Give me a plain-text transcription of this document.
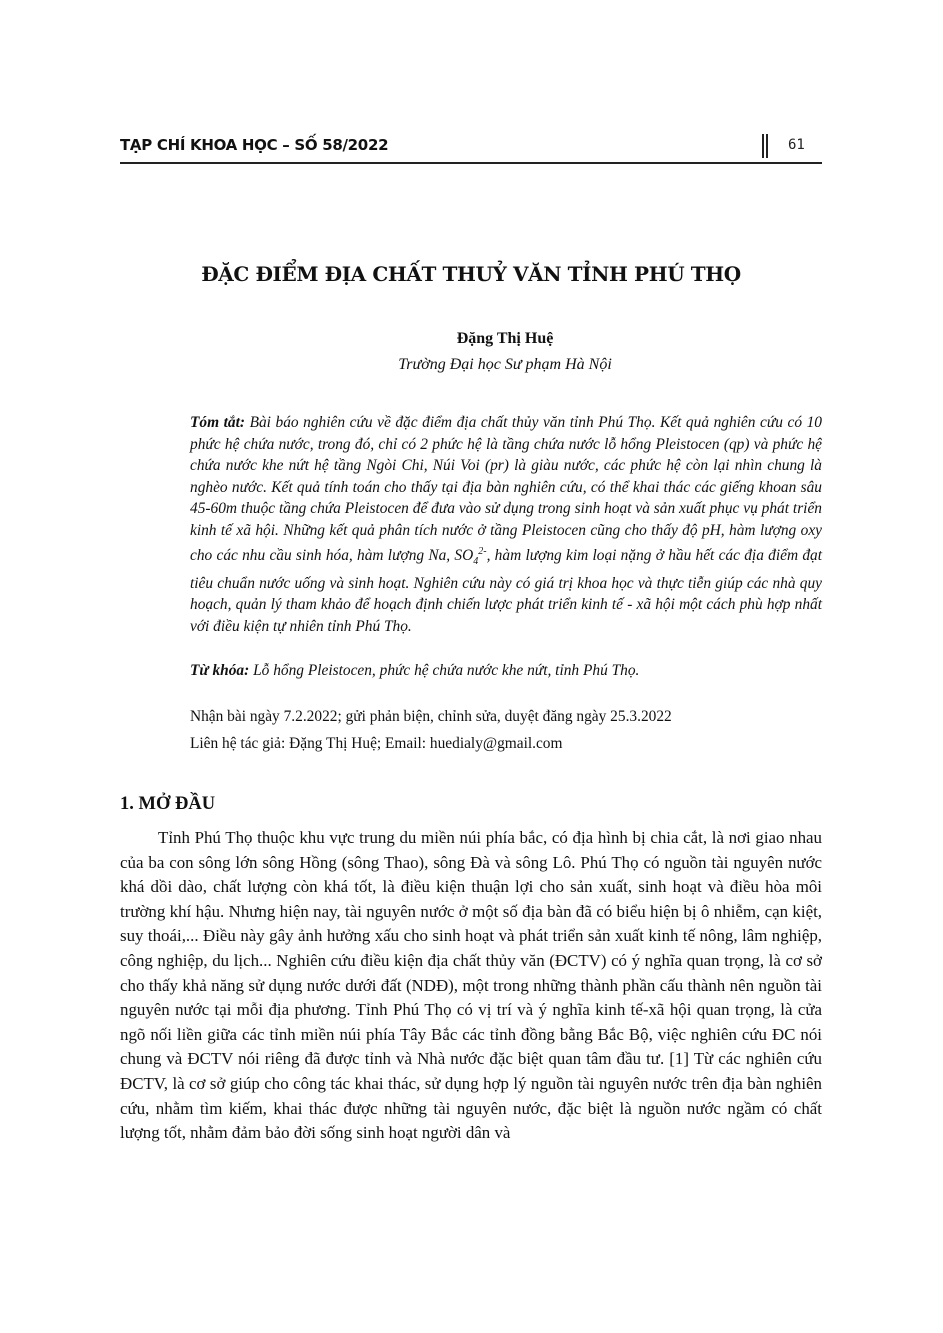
TẠP CHÍ KHOA HỌC – SỐ 58/2022	61
ĐẶC ĐIỂM ĐỊA CHẤT THUỶ VĂN TỈNH PHÚ THỌ
Đặng Thị Huệ
Trường Đại học Sư phạm Hà Nội
Tóm tắt: Bài báo nghiên cứu về đặc điểm địa chất thủy văn tỉnh Phú Thọ. Kết quả nghiên cứu có 10 phức hệ chứa nước, trong đó, chỉ có 2 phức hệ là tầng chứa nước lỗ hổng Pleistocen (qp) và phức hệ chứa nước khe nứt hệ tầng Ngòi Chi, Núi Voi (pr) là giàu nước, các phức hệ còn lại nhìn chung là nghèo nước. Kết quả tính toán cho thấy tại địa bàn nghiên cứu, có thể khai thác các giếng khoan sâu 45-60m thuộc tầng chứa Pleistocen để đưa vào sử dụng trong sinh hoạt và sản xuất phục vụ phát triển kinh tế xã hội. Những kết quả phân tích nước ở tầng Pleistocen cũng cho thấy độ pH, hàm lượng oxy cho các nhu cầu sinh hóa, hàm lượng Na, $SO_4^{2-}$, hàm lượng kim loại nặng ở hầu hết các địa điểm đạt tiêu chuẩn nước uống và sinh hoạt. Nghiên cứu này có giá trị khoa học và thực tiễn giúp các nhà quy hoạch, quản lý tham khảo để hoạch định chiến lược phát triển kinh tế - xã hội một cách phù hợp nhất với điều kiện tự nhiên tỉnh Phú Thọ.
Từ khóa: Lỗ hổng Pleistocen, phức hệ chứa nước khe nứt, tỉnh Phú Thọ.
Nhận bài ngày 7.2.2022; gửi phản biện, chỉnh sửa, duyệt đăng ngày 25.3.2022
Liên hệ tác giả: Đặng Thị Huệ; Email: huedialy@gmail.com
1. MỞ ĐẦU

Tỉnh Phú Thọ thuộc khu vực trung du miền núi phía bắc, có địa hình bị chia cắt, là nơi giao nhau của ba con sông lớn sông Hồng (sông Thao), sông Đà và sông Lô. Phú Thọ có nguồn tài nguyên nước khá dồi dào, chất lượng còn khá tốt, là điều kiện thuận lợi cho sản xuất, sinh hoạt và điều hòa môi trường khí hậu. Nhưng hiện nay, tài nguyên nước ở một số địa bàn đã có biểu hiện bị ô nhiễm, cạn kiệt, suy thoái,... Điều này gây ảnh hưởng xấu cho sinh hoạt và phát triển sản xuất kinh tế nông, lâm nghiệp, công nghiệp, du lịch... Nghiên cứu điều kiện địa chất thủy văn (ĐCTV) có ý nghĩa quan trọng, là cơ sở cho thấy khả năng sử dụng nước dưới đất (NDĐ), một trong những thành phần cấu thành nên nguồn tài nguyên nước tại mỗi địa phương. Tỉnh Phú Thọ có vị trí và ý nghĩa kinh tế-xã hội quan trọng, là cửa ngõ nối liền giữa các tỉnh miền núi phía Tây Bắc các tỉnh đồng bằng Bắc Bộ, việc nghiên cứu ĐC nói chung và ĐCTV nói riêng đã được tỉnh và Nhà nước đặc biệt quan tâm đầu tư. [1] Từ các nghiên cứu ĐCTV, là cơ sở giúp cho công tác khai thác, sử dụng hợp lý nguồn tài nguyên nước trên địa bàn nghiên cứu, nhằm tìm kiếm, khai thác được những tài nguyên nước, đặc biệt là nguồn nước ngầm có chất lượng tốt, nhằm đảm bảo đời sống sinh hoạt người dân và
